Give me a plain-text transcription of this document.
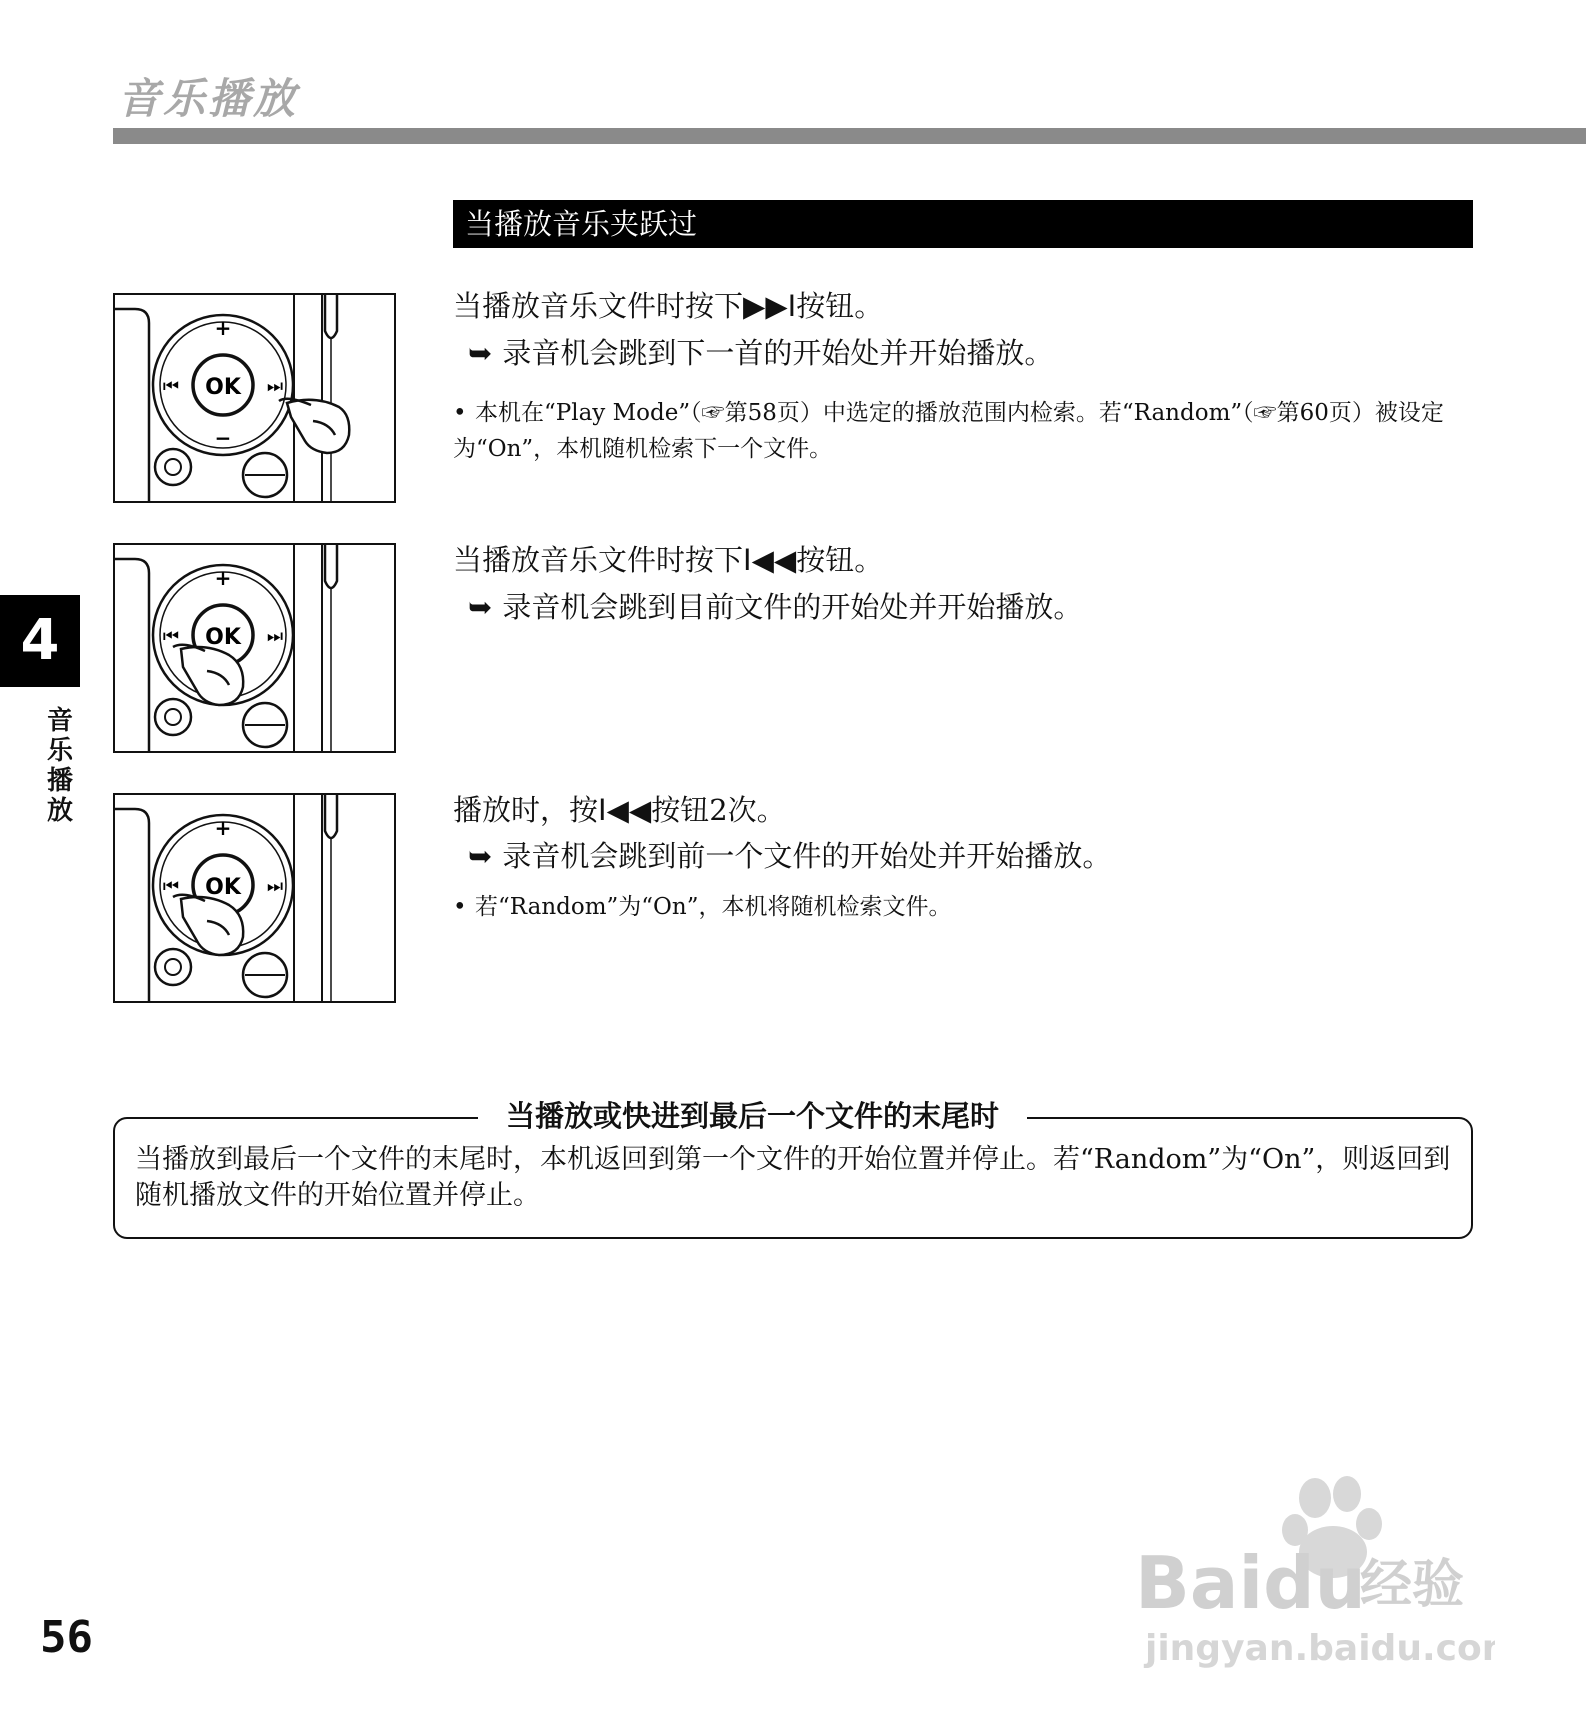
音乐播放
当播放音乐夹跃过
4
音乐播放
OK
+
−
⏮	⏭
当播放音乐文件时按下▶▶I按钮。
➥ 录音机会跳到下一首的开始处并开始播放。
• 本机在“Play Mode”（☞第58页）中选定的播放范围内检索。若“Random”（☞第60页）被设定为“On”，本机随机检索下一个文件。
OK
+
⏮	⏭
当播放音乐文件时按下I◀◀按钮。
➥ 录音机会跳到目前文件的开始处并开始播放。
OK
+
⏮	⏭
播放时，按I◀◀按钮2次。
➥ 录音机会跳到前一个文件的开始处并开始播放。
• 若“Random”为“On”，本机将随机检索文件。
当播放或快进到最后一个文件的末尾时
当播放到最后一个文件的末尾时，本机返回到第一个文件的开始位置并停止。若“Random”为“On”，则返回到随机播放文件的开始位置并停止。
56
Baidu
经验
jingyan.baidu.com
